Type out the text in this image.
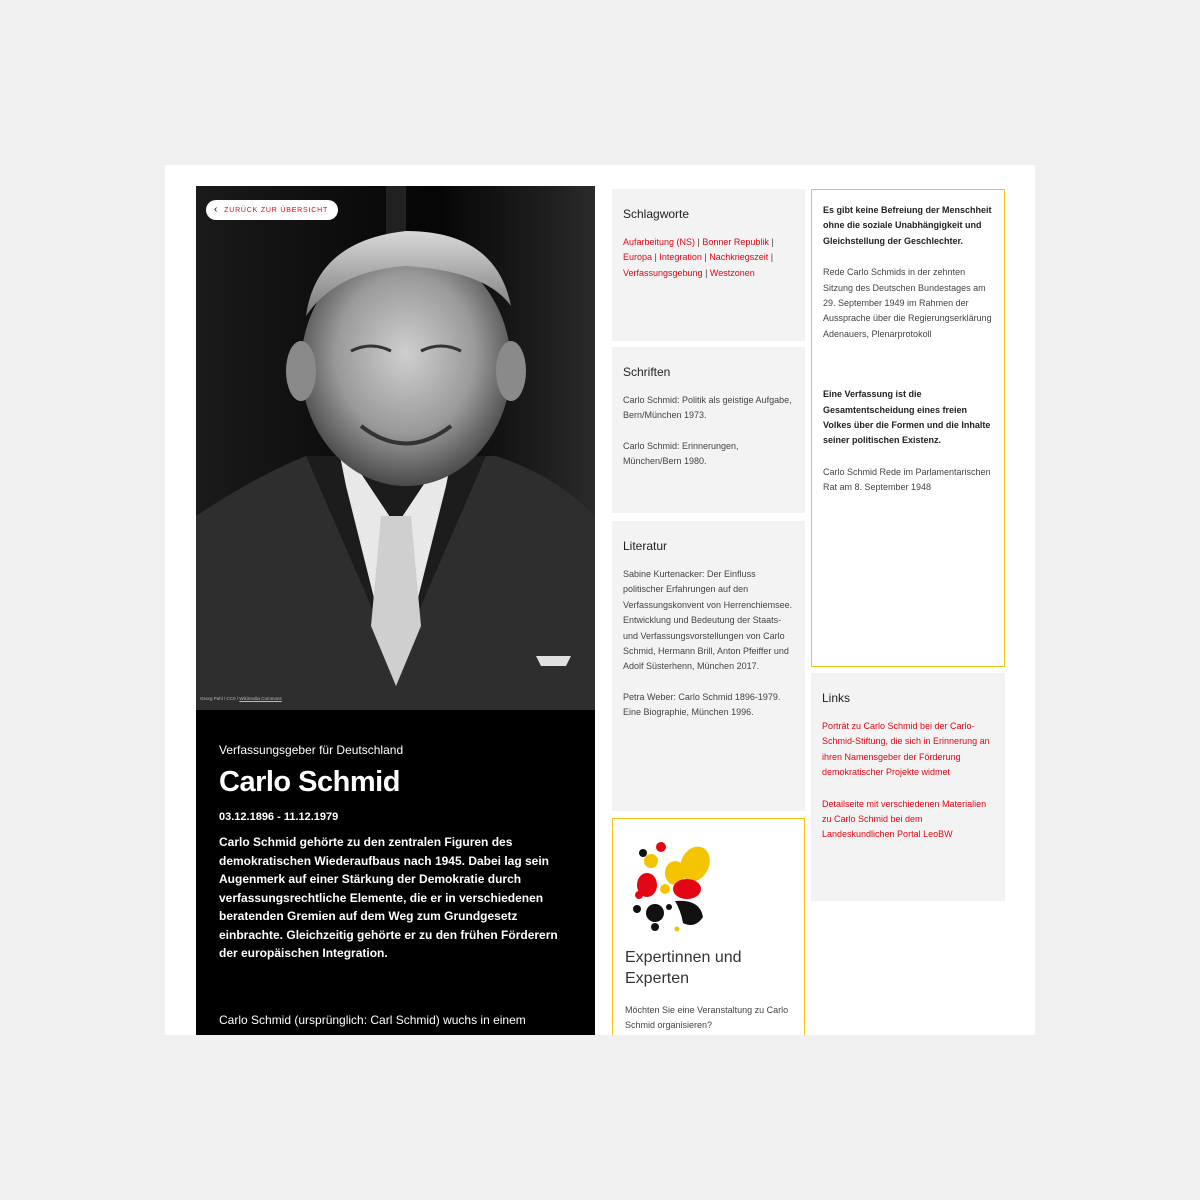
‹ ZURÜCK ZUR ÜBERSICHT
Georg Pahl / CC0 / Wikimedia Commons
Verfassungsgeber für Deutschland
Carlo Schmid
03.12.1896 - 11.12.1979

Carlo Schmid gehörte zu den zentralen Figuren des demokratischen Wiederaufbaus nach 1945. Dabei lag sein Augenmerk auf einer Stärkung der Demokratie durch verfassungsrechtliche Elemente, die er in verschiedenen beratenden Gremien auf dem Weg zum Grundgesetz einbrachte. Gleichzeitig gehörte er zu den frühen Förderern der europäischen Integration.

Carlo Schmid (ursprünglich: Carl Schmid) wuchs in einem
Schlagworte
Aufarbeitung (NS) | Bonner Republik | Europa | Integration | Nachkriegszeit | Verfassungsgebung | Westzonen
Schriften

Carlo Schmid: Politik als geistige Aufgabe, Bern/München 1973.

Carlo Schmid: Erinnerungen, München/Bern 1980.

Literatur

Sabine Kurtenacker: Der Einfluss politischer Erfahrungen auf den Verfassungskonvent von Herrenchiemsee. Entwicklung und Bedeutung der Staats- und Verfassungsvorstellungen von Carlo Schmid, Hermann Brill, Anton Pfeiffer und Adolf Süsterhenn, München 2017.

Petra Weber: Carlo Schmid 1896-1979. Eine Biographie, München 1996.

Expertinnen und Experten

Möchten Sie eine Veranstaltung zu Carlo Schmid organisieren?

Es gibt keine Befreiung der Menschheit ohne die soziale Unabhängigkeit und Gleichstellung der Geschlechter.

Rede Carlo Schmids in der zehnten Sitzung des Deutschen Bundestages am 29. September 1949 im Rahmen der Aussprache über die Regierungserklärung Adenauers, Plenarprotokoll

Eine Verfassung ist die Gesamtentscheidung eines freien Volkes über die Formen und die Inhalte seiner politischen Existenz.

Carlo Schmid Rede im Parlamentarischen Rat am 8. September 1948

Links
Porträt zu Carlo Schmid bei der Carlo-Schmid-Stiftung, die sich in Erinnerung an ihren Namensgeber der Förderung demokratischer Projekte widmet
Detailseite mit verschiedenen Materialien zu Carlo Schmid bei dem Landeskundlichen Portal LeoBW
